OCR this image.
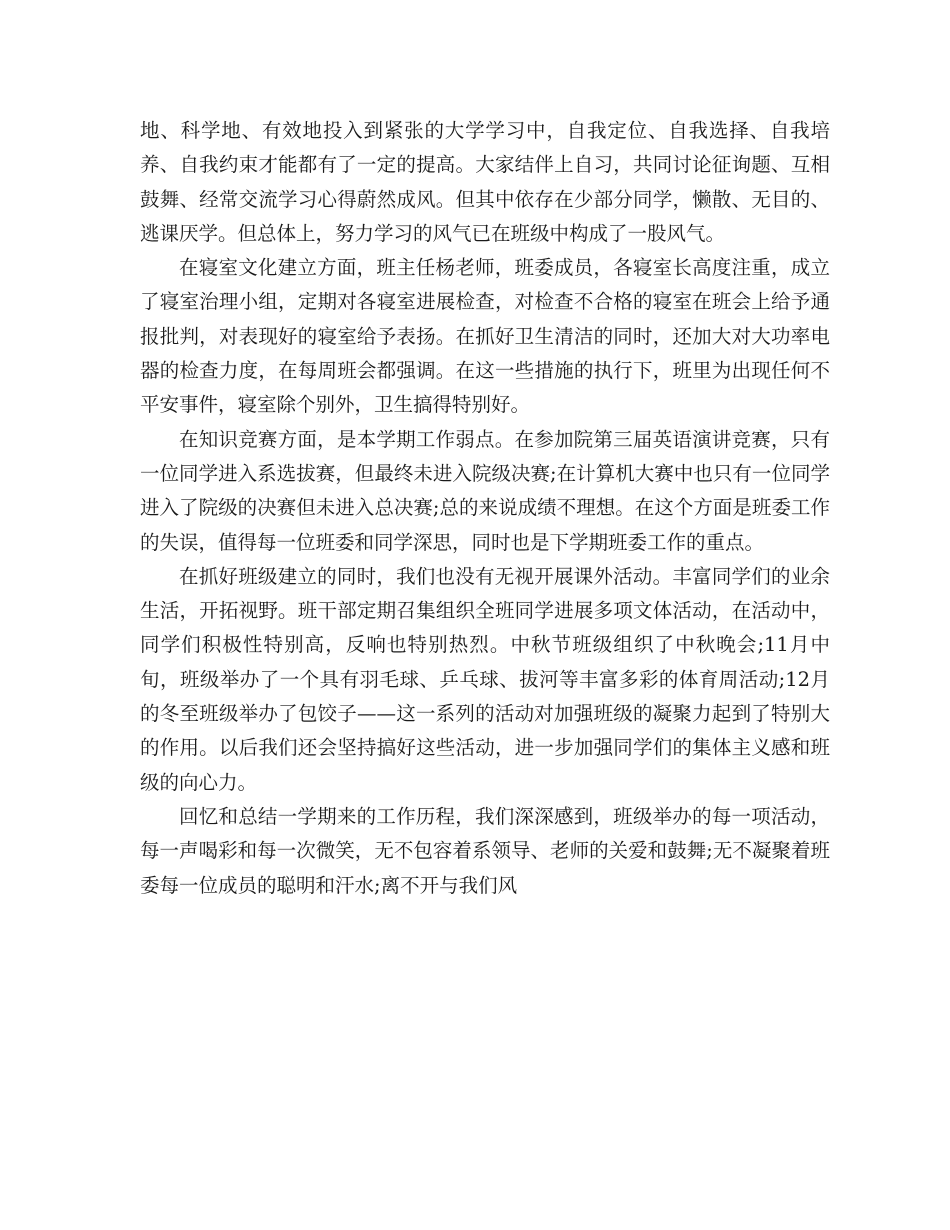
地、科学地、有效地投入到紧张的大学学习中，自我定位、自我选择、自我培养、自我约束才能都有了一定的提高。大家结伴上自习，共同讨论征询题、互相鼓舞、经常交流学习心得蔚然成风。但其中依存在少部分同学，懒散、无目的、逃课厌学。但总体上，努力学习的风气已在班级中构成了一股风气。

在寝室文化建立方面，班主任杨老师，班委成员，各寝室长高度注重，成立了寝室治理小组，定期对各寝室进展检查，对检查不合格的寝室在班会上给予通报批判，对表现好的寝室给予表扬。在抓好卫生清洁的同时，还加大对大功率电器的检查力度，在每周班会都强调。在这一些措施的执行下，班里为出现任何不平安事件，寝室除个别外，卫生搞得特别好。

在知识竞赛方面，是本学期工作弱点。在参加院第三届英语演讲竞赛，只有一位同学进入系选拔赛，但最终未进入院级决赛;在计算机大赛中也只有一位同学进入了院级的决赛但未进入总决赛;总的来说成绩不理想。在这个方面是班委工作的失误，值得每一位班委和同学深思，同时也是下学期班委工作的重点。

在抓好班级建立的同时，我们也没有无视开展课外活动。丰富同学们的业余生活，开拓视野。班干部定期召集组织全班同学进展多项文体活动，在活动中，同学们积极性特别高，反响也特别热烈。中秋节班级组织了中秋晚会;11月中旬，班级举办了一个具有羽毛球、乒乓球、拔河等丰富多彩的体育周活动;12月的冬至班级举办了包饺子——这一系列的活动对加强班级的凝聚力起到了特别大的作用。以后我们还会坚持搞好这些活动，进一步加强同学们的集体主义感和班级的向心力。

回忆和总结一学期来的工作历程，我们深深感到，班级举办的每一项活动，每一声喝彩和每一次微笑，无不包容着系领导、老师的关爱和鼓舞;无不凝聚着班委每一位成员的聪明和汗水;离不开与我们风
